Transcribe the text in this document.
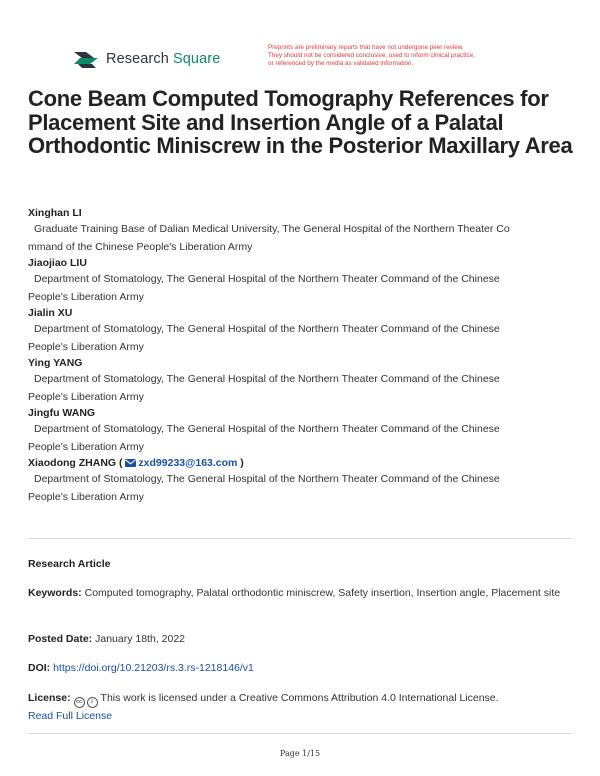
Research Square
Preprints are preliminary reports that have not undergone peer review.
They should not be considered conclusive, used to inform clinical practice,
or referenced by the media as validated information.
Cone Beam Computed Tomography References for Placement Site and Insertion Angle of a Palatal Orthodontic Miniscrew in the Posterior Maxillary Area
Xinghan LI
Graduate Training Base of Dalian Medical University, The General Hospital of the Northern Theater Co
mmand of the Chinese People's Liberation Army
Jiaojiao LIU
Department of Stomatology, The General Hospital of the Northern Theater Command of the Chinese
People's Liberation Army
Jialin XU
Department of Stomatology, The General Hospital of the Northern Theater Command of the Chinese
People's Liberation Army
Ying YANG
Department of Stomatology, The General Hospital of the Northern Theater Command of the Chinese
People's Liberation Army
Jingfu WANG
Department of Stomatology, The General Hospital of the Northern Theater Command of the Chinese
People's Liberation Army
Xiaodong ZHANG ( zxd99233@163.com )
Department of Stomatology, The General Hospital of the Northern Theater Command of the Chinese
People's Liberation Army
Research Article
Keywords: Computed tomography, Palatal orthodontic miniscrew, Safety insertion, Insertion angle, Placement site
Posted Date: January 18th, 2022
DOI: https://doi.org/10.21203/rs.3.rs-1218146/v1
License: cc	i This work is licensed under a Creative Commons Attribution 4.0 International License.
Read Full License
Page 1/15
